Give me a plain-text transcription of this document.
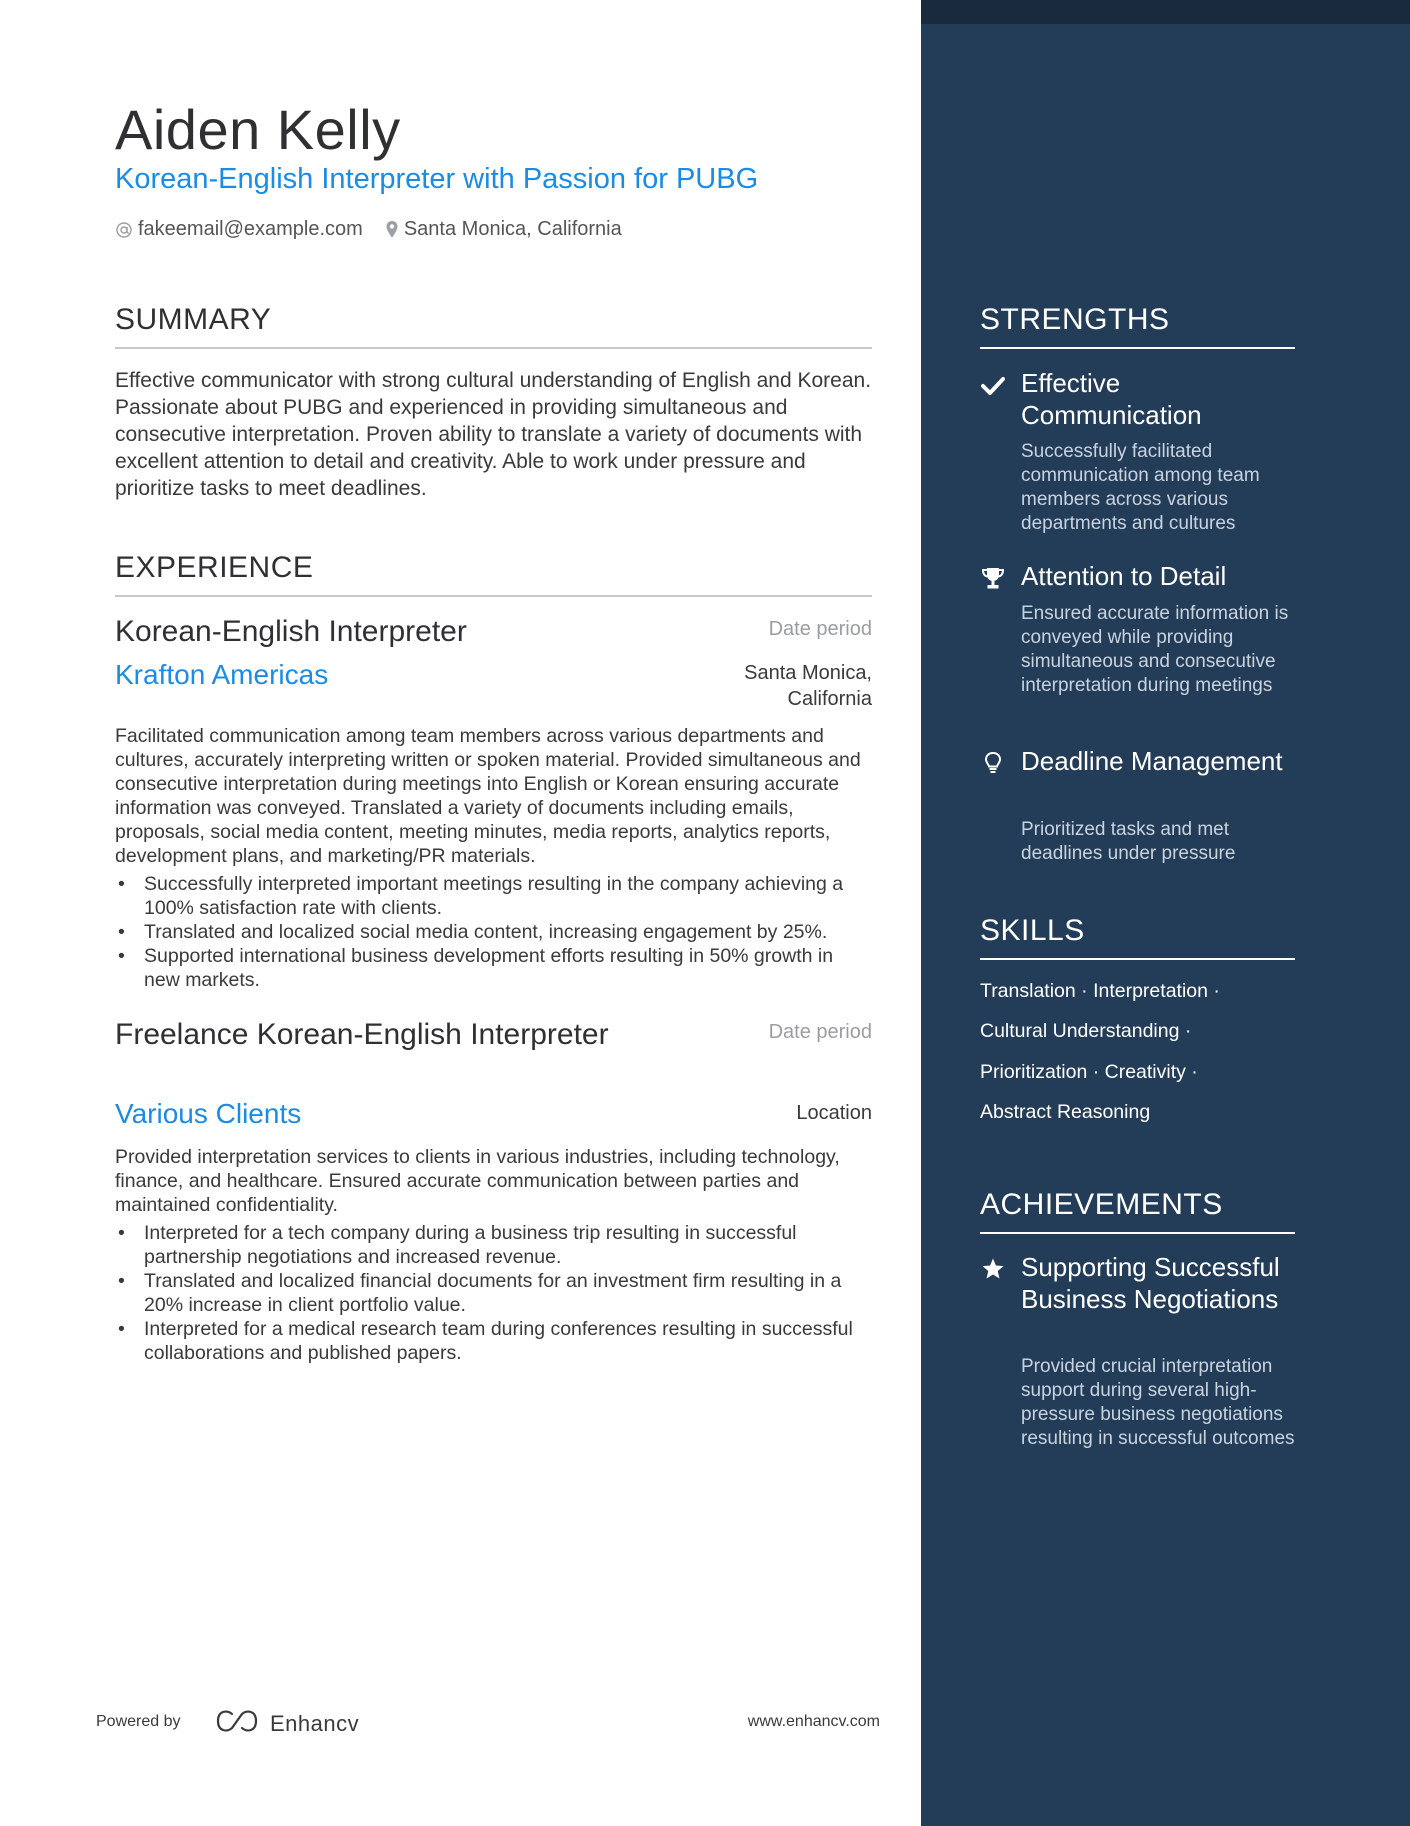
Aiden Kelly
Korean-English Interpreter with Passion for PUBG
fakeemail@example.com Santa Monica, California
SUMMARY
Effective communicator with strong cultural understanding of English and Korean. Passionate about PUBG and experienced in providing simultaneous and consecutive interpretation. Proven ability to translate a variety of documents with excellent attention to detail and creativity. Able to work under pressure and prioritize tasks to meet deadlines.
EXPERIENCE
Korean-English Interpreter	Date period
Krafton Americas	Santa Monica, California
Facilitated communication among team members across various departments and cultures, accurately interpreting written or spoken material. Provided simultaneous and consecutive interpretation during meetings into English or Korean ensuring accurate information was conveyed. Translated a variety of documents including emails, proposals, social media content, meeting minutes, media reports, analytics reports, development plans, and marketing/PR materials.
• Successfully interpreted important meetings resulting in the company achieving a 100% satisfaction rate with clients.
• Translated and localized social media content, increasing engagement by 25%.
• Supported international business development efforts resulting in 50% growth in new markets.
Freelance Korean-English Interpreter	Date period
Various Clients	Location
Provided interpretation services to clients in various industries, including technology, finance, and healthcare. Ensured accurate communication between parties and maintained confidentiality.
• Interpreted for a tech company during a business trip resulting in successful partnership negotiations and increased revenue.
• Translated and localized financial documents for an investment firm resulting in a 20% increase in client portfolio value.
• Interpreted for a medical research team during conferences resulting in successful collaborations and published papers.
Powered by	Enhancv	www.enhancv.com
STRENGTHS
Effective Communication
Successfully facilitated communication among team members across various departments and cultures
Attention to Detail
Ensured accurate information is conveyed while providing simultaneous and consecutive interpretation during meetings
Deadline Management
Prioritized tasks and met deadlines under pressure
SKILLS
Translation · Interpretation ·
Cultural Understanding ·
Prioritization · Creativity ·
Abstract Reasoning
ACHIEVEMENTS
Supporting Successful Business Negotiations
Provided crucial interpretation support during several high-pressure business negotiations resulting in successful outcomes
